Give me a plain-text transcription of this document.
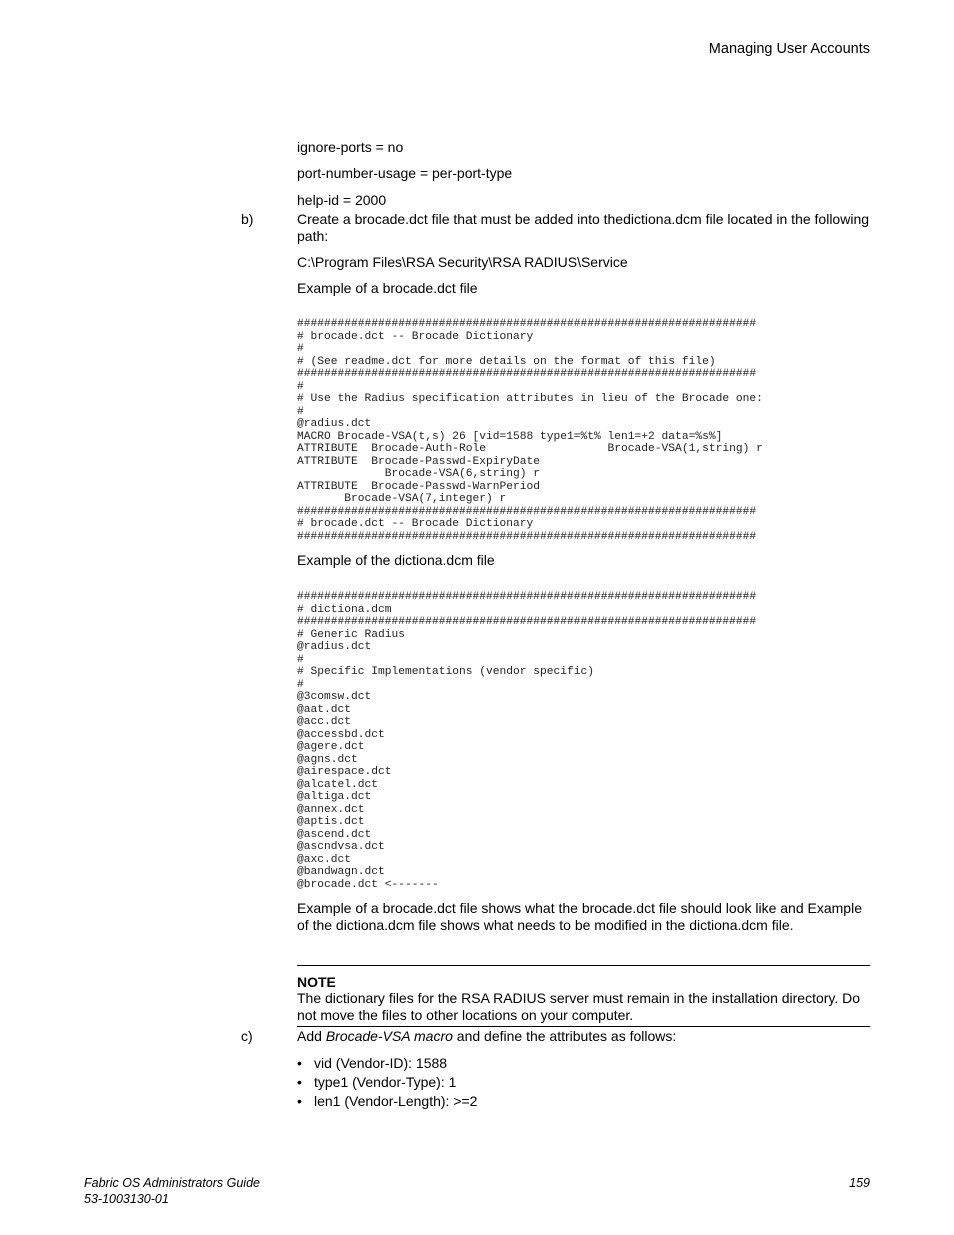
Managing User Accounts
ignore-ports = no
port-number-usage = per-port-type
help-id = 2000
b)	Create a brocade.dct file that must be added into thedictiona.dcm file located in the following path:
C:\Program Files\RSA Security\RSA RADIUS\Service
Example of a brocade.dct file
####################################################################
# brocade.dct -- Brocade Dictionary
#
# (See readme.dct for more details on the format of this file)
####################################################################
#
# Use the Radius specification attributes in lieu of the Brocade one:
#
@radius.dct
MACRO Brocade-VSA(t,s) 26 [vid=1588 type1=%t% len1=+2 data=%s%]
ATTRIBUTE  Brocade-Auth-Role                  Brocade-VSA(1,string) r
ATTRIBUTE  Brocade-Passwd-ExpiryDate
Brocade-VSA(6,string) r
ATTRIBUTE  Brocade-Passwd-WarnPeriod
Brocade-VSA(7,integer) r
####################################################################
# brocade.dct -- Brocade Dictionary
####################################################################
Example of the dictiona.dcm file
####################################################################
# dictiona.dcm
####################################################################
# Generic Radius
@radius.dct
#
# Specific Implementations (vendor specific)
#
@3comsw.dct
@aat.dct
@acc.dct
@accessbd.dct
@agere.dct
@agns.dct
@airespace.dct
@alcatel.dct
@altiga.dct
@annex.dct
@aptis.dct
@ascend.dct
@ascndvsa.dct
@axc.dct
@bandwagn.dct
@brocade.dct <-------
Example of a brocade.dct file shows what the brocade.dct file should look like and Example of the dictiona.dcm file shows what needs to be modified in the dictiona.dcm file.
NOTE
The dictionary files for the RSA RADIUS server must remain in the installation directory. Do not move the files to other locations on your computer.
c)	Add Brocade-VSA macro and define the attributes as follows:
• vid (Vendor-ID): 1588
• type1 (Vendor-Type): 1
• len1 (Vendor-Length): >=2
Fabric OS Administrators Guide
53-1003130-01
159
